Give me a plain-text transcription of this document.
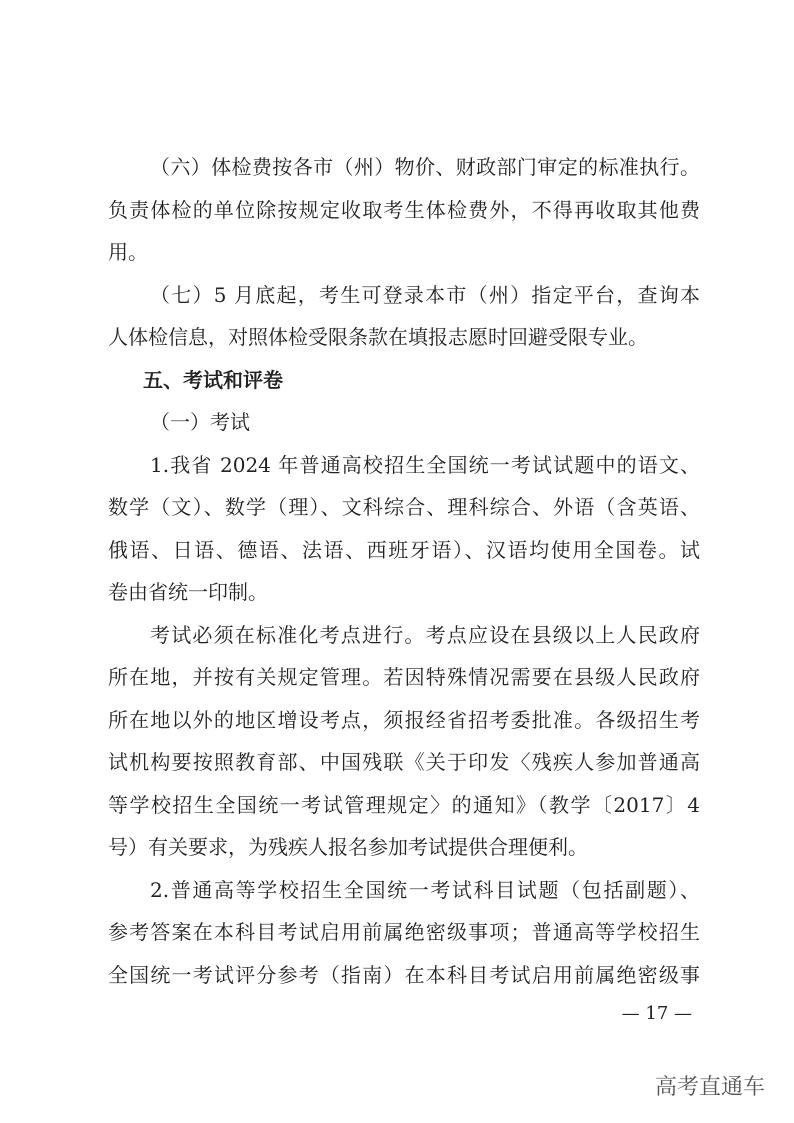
（六）体检费按各市（州）物价、财政部门审定的标准执行。
负责体检的单位除按规定收取考生体检费外，不得再收取其他费
用。
（七）5 月底起，考生可登录本市（州）指定平台，查询本
人体检信息，对照体检受限条款在填报志愿时回避受限专业。
五、考试和评卷
（一）考试
1.我省 2024 年普通高校招生全国统一考试试题中的语文、
数学（文）、数学（理）、文科综合、理科综合、外语（含英语、
俄语、日语、德语、法语、西班牙语）、汉语均使用全国卷。试
卷由省统一印制。
考试必须在标准化考点进行。考点应设在县级以上人民政府
所在地，并按有关规定管理。若因特殊情况需要在县级人民政府
所在地以外的地区增设考点，须报经省招考委批准。各级招生考
试机构要按照教育部、中国残联《关于印发〈残疾人参加普通高
等学校招生全国统一考试管理规定〉的通知》（教学〔2017〕4
号）有关要求，为残疾人报名参加考试提供合理便利。
2.普通高等学校招生全国统一考试科目试题（包括副题）、
参考答案在本科目考试启用前属绝密级事项；普通高等学校招生
全国统一考试评分参考（指南）在本科目考试启用前属绝密级事
— 17 —
高考直通车
